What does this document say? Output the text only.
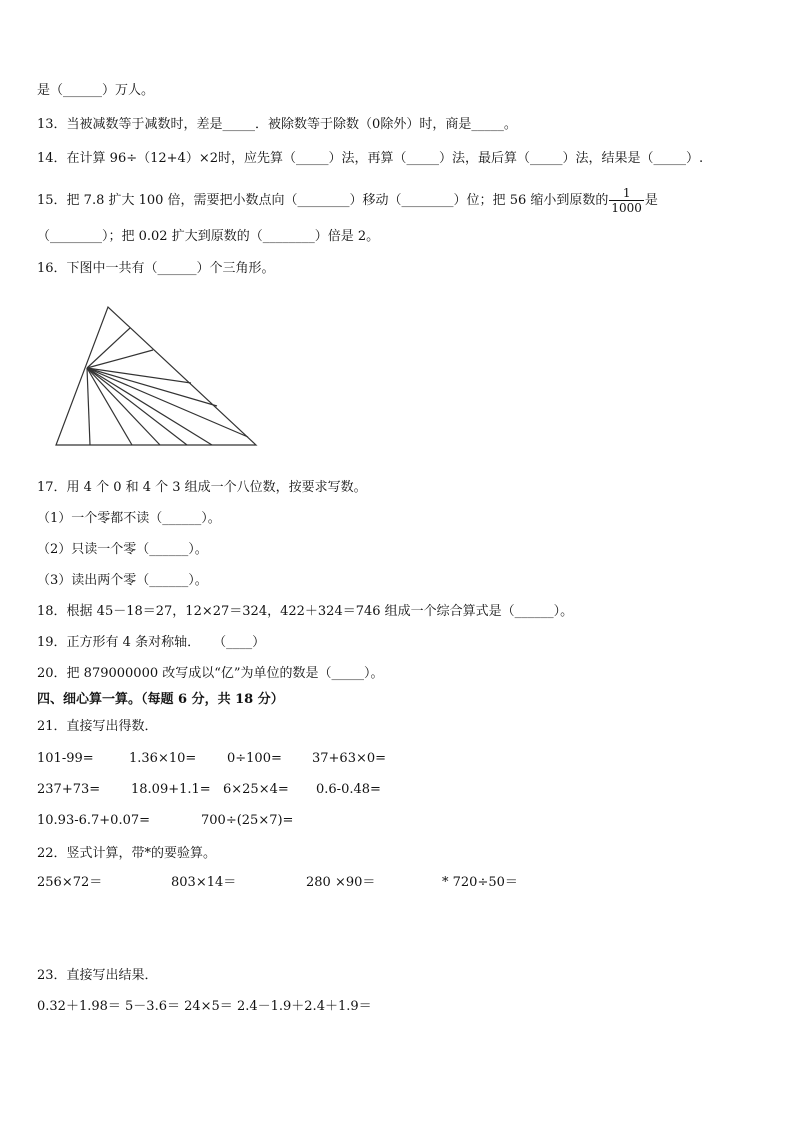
是（______）万人。
13．当被减数等于减数时，差是_____．被除数等于除数（0除外）时，商是_____。
14．在计算 96÷（12+4）×2时，应先算（_____）法，再算（_____）法，最后算（_____）法，结果是（_____）.
15．把 7.8 扩大 100 倍，需要把小数点向（________）移动（________）位；把 56 缩小到原数的 $\frac{1}{1000}$ 是
（________）；把 0.02 扩大到原数的（________）倍是 2。
16．下图中一共有（______）个三角形。
17．用 4 个 0 和 4 个 3 组成一个八位数，按要求写数。
（1）一个零都不读（______）。
（2）只读一个零（______）。
（3）读出两个零（______）。
18．根据 45－18＝27，12×27＝324，422＋324＝746 组成一个综合算式是（______）。
19．正方形有 4 条对称轴．　　（____）
20．把 879000000 改写成以“亿”为单位的数是（_____）。
四、细心算一算。（每题 6 分，共 18 分）
21．直接写出得数．
101-99=	1.36×10= 0÷100= 37+63×0=
237+73= 18.09+1.1= 6×25×4= 0.6-0.48=
10.93-6.7+0.07=	700÷(25×7)=
22．竖式计算，带*的要验算。
256×72＝	803×14＝	280 ×90＝	* 720÷50＝
23．直接写出结果．
0.32＋1.98＝ 5－3.6＝ 24×5＝ 2.4－1.9＋2.4＋1.9＝
